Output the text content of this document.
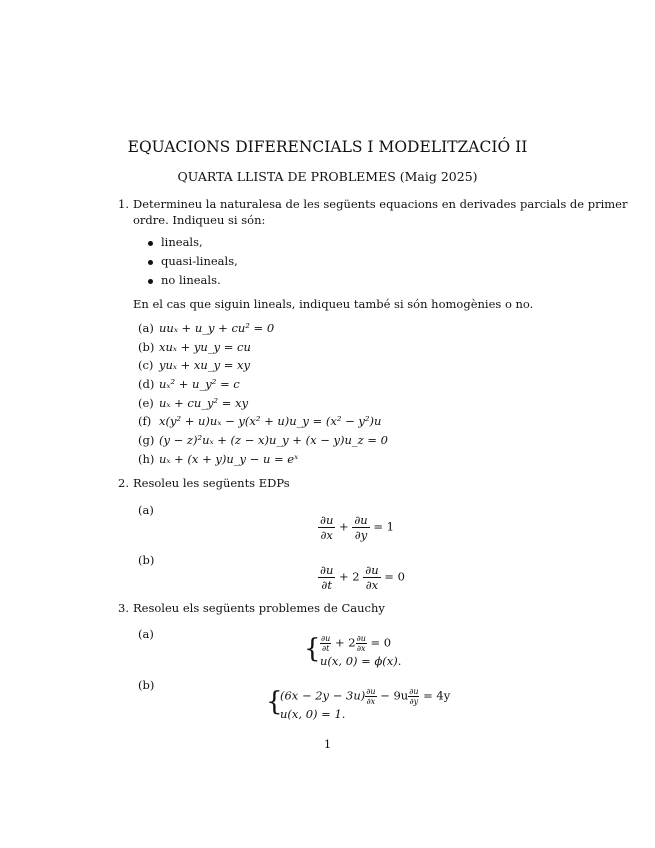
EQUACIONS DIFERENCIALS I MODELITZACIÓ II
QUARTA LLISTA DE PROBLEMES (Maig 2025)
1. Determineu la naturalesa de les següents equacions en derivades parcials de primer
ordre. Indiqueu si són:
lineals,
quasi-lineals,
no lineals.
En el cas que siguin lineals, indiqueu també si són homogènies o no.
(a) uuₓ + u_y + cu² = 0
(b) xuₓ + yu_y = cu
(c) yuₓ + xu_y = xy
(d) uₓ² + u_y² = c
(e) uₓ + cu_y² = xy
(f) x(y² + u)uₓ − y(x² + u)u_y = (x² − y²)u
(g) (y − z)²uₓ + (z − x)u_y + (x − y)u_z = 0
(h) uₓ + (x + y)u_y − u = eˣ
2. Resoleu les següents EDPs
(a)
$\frac{\partial u}{\partial x} + \frac{\partial u}{\partial y} = 1$
(b)
$\frac{\partial u}{\partial t} + 2 \frac{\partial u}{\partial x} = 0$
3. Resoleu els següents problemes de Cauchy
(a)	{ $\frac{\partial u}{\partial t} + 2 \frac{\partial u}{\partial x} = 0$
u(x, 0) = ϕ(x).
(b)
{
$(6x - 2y - 3u) \frac{\partial u}{\partial x} - 9u \frac{\partial u}{\partial y} = 4y$
u(x, 0) = 1.
1
